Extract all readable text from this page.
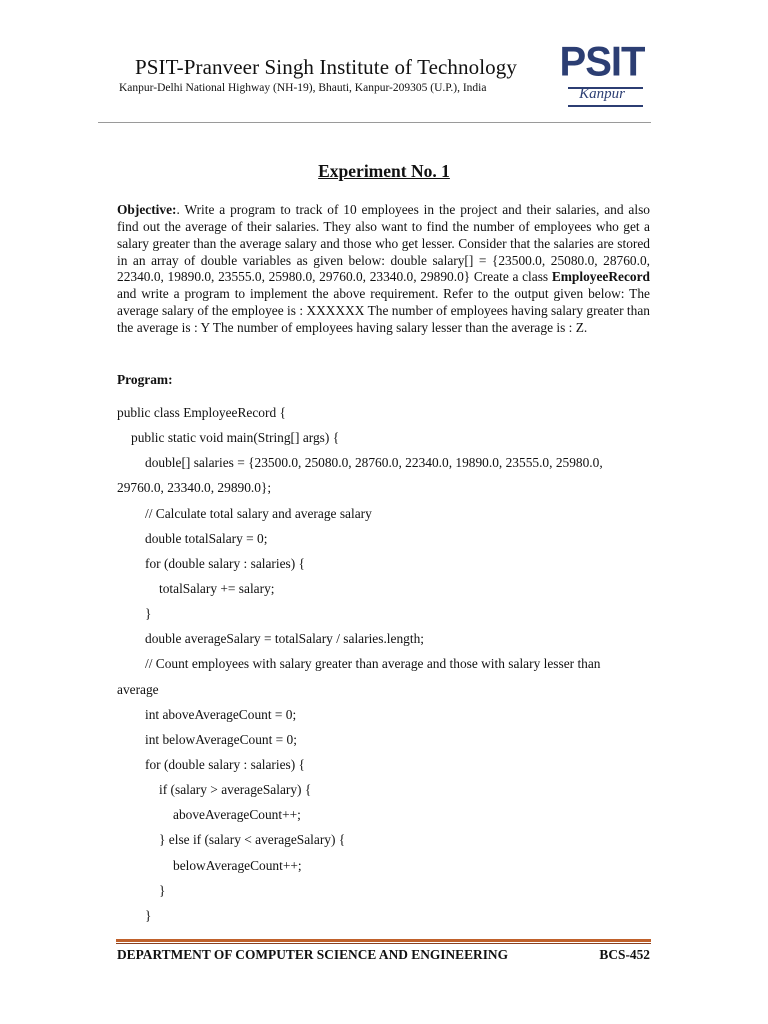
PSIT-Pranveer Singh Institute of Technology
Kanpur-Delhi National Highway (NH-19), Bhauti, Kanpur-209305 (U.P.), India
PSIT
Kanpur
Experiment No. 1
Objective:. Write a program to track of 10 employees in the project and their salaries, and also find out the average of their salaries. They also want to find the number of employees who get a salary greater than the average salary and those who get lesser. Consider that the salaries are stored in an array of double variables as given below: double salary[] = {23500.0, 25080.0, 28760.0, 22340.0, 19890.0, 23555.0, 25980.0, 29760.0, 23340.0, 29890.0} Create a class EmployeeRecord and write a program to implement the above requirement. Refer to the output given below: The average salary of the employee is : XXXXXX The number of employees having salary greater than the average is : Y The number of employees having salary lesser than the average is : Z.
Program:
public class EmployeeRecord {
public static void main(String[] args) {
double[] salaries = {23500.0, 25080.0, 28760.0, 22340.0, 19890.0, 23555.0, 25980.0,
29760.0, 23340.0, 29890.0};
// Calculate total salary and average salary
double totalSalary = 0;
for (double salary : salaries) {
totalSalary += salary;
}
double averageSalary = totalSalary / salaries.length;
// Count employees with salary greater than average and those with salary lesser than
average
int aboveAverageCount = 0;
int belowAverageCount = 0;
for (double salary : salaries) {
if (salary > averageSalary) {
aboveAverageCount++;
} else if (salary < averageSalary) {
belowAverageCount++;
}
}
DEPARTMENT OF COMPUTER SCIENCE AND ENGINEERING	BCS-452
